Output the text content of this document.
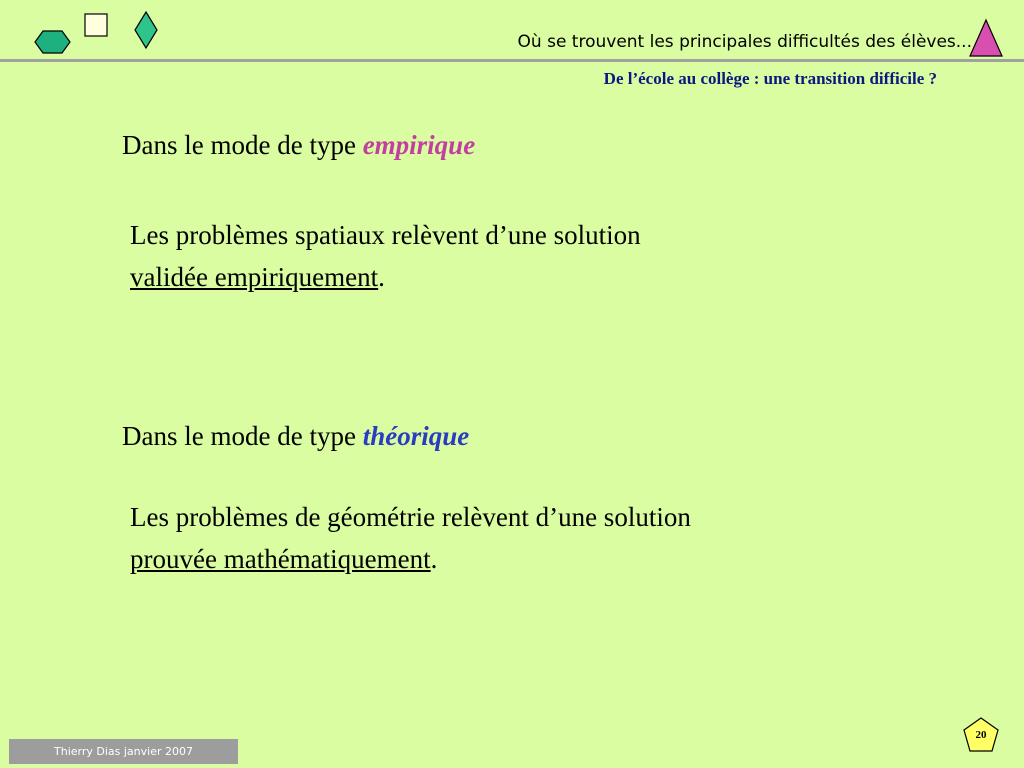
Où se trouvent les principales difficultés des élèves...
De l’école au collège : une transition difficile ?
Dans le mode de type empirique
Les problèmes spatiaux relèvent d’une solution
validée empiriquement.
Dans le mode de type théorique
Les problèmes de géométrie relèvent d’une solution
prouvée mathématiquement.
Thierry Dias janvier 2007
20
